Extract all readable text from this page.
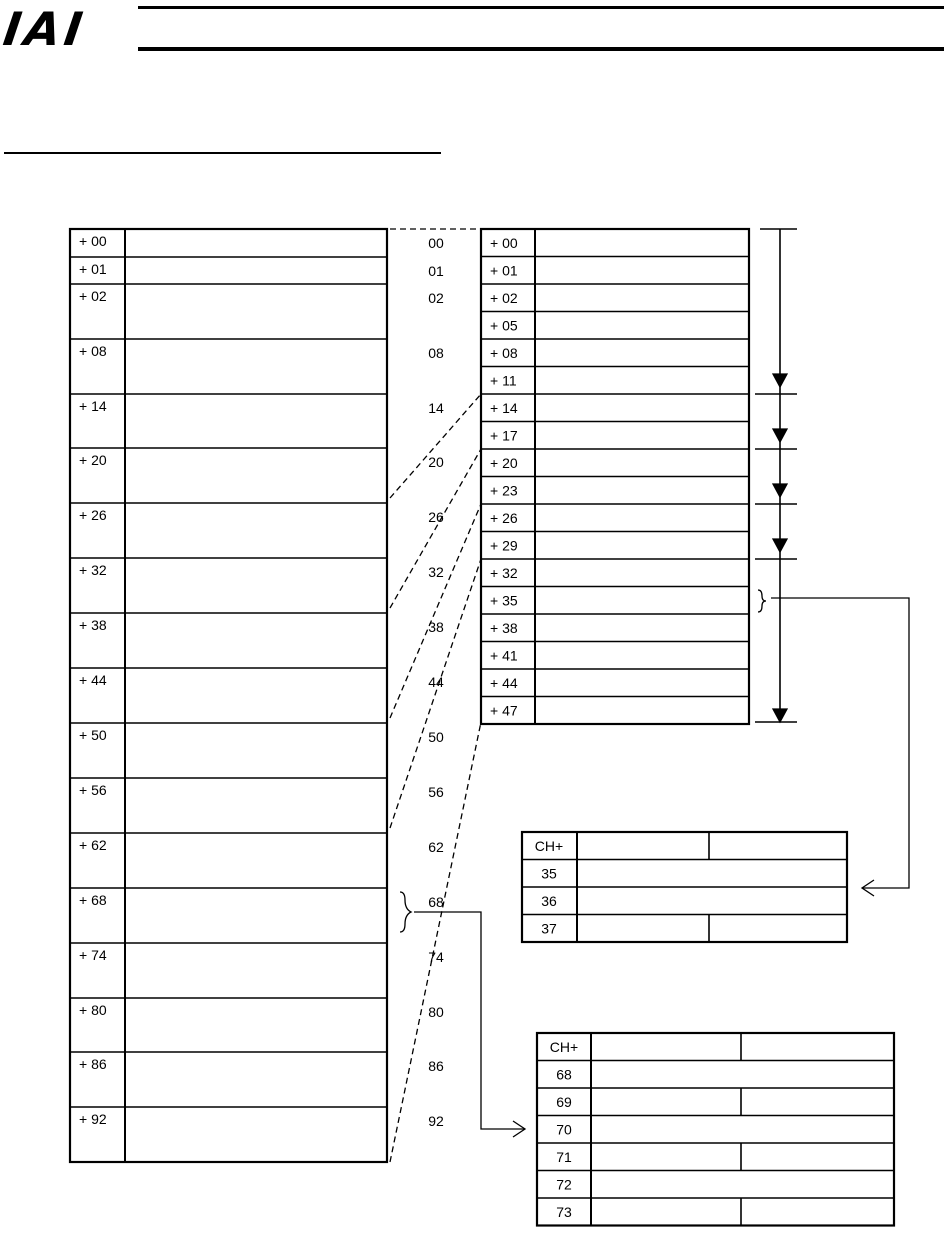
IAI
+ 00
+ 01
+ 02
+ 08
+ 14
+ 20
+ 26
+ 32
+ 38
+ 44
+ 50
+ 56
+ 62
+ 68
+ 74
+ 80
+ 86
+ 92
00
01
02
08
14
20
26
32
38
44
50
56
62
68
74
80
86
92
+ 00
+ 01
+ 02
+ 05
+ 08
+ 11
+ 14
+ 17
+ 20
+ 23
+ 26
+ 29
+ 32
+ 35
+ 38
+ 41
+ 44
+ 47
CH+
35
36
37
CH+
68
69
70
71
72
73
